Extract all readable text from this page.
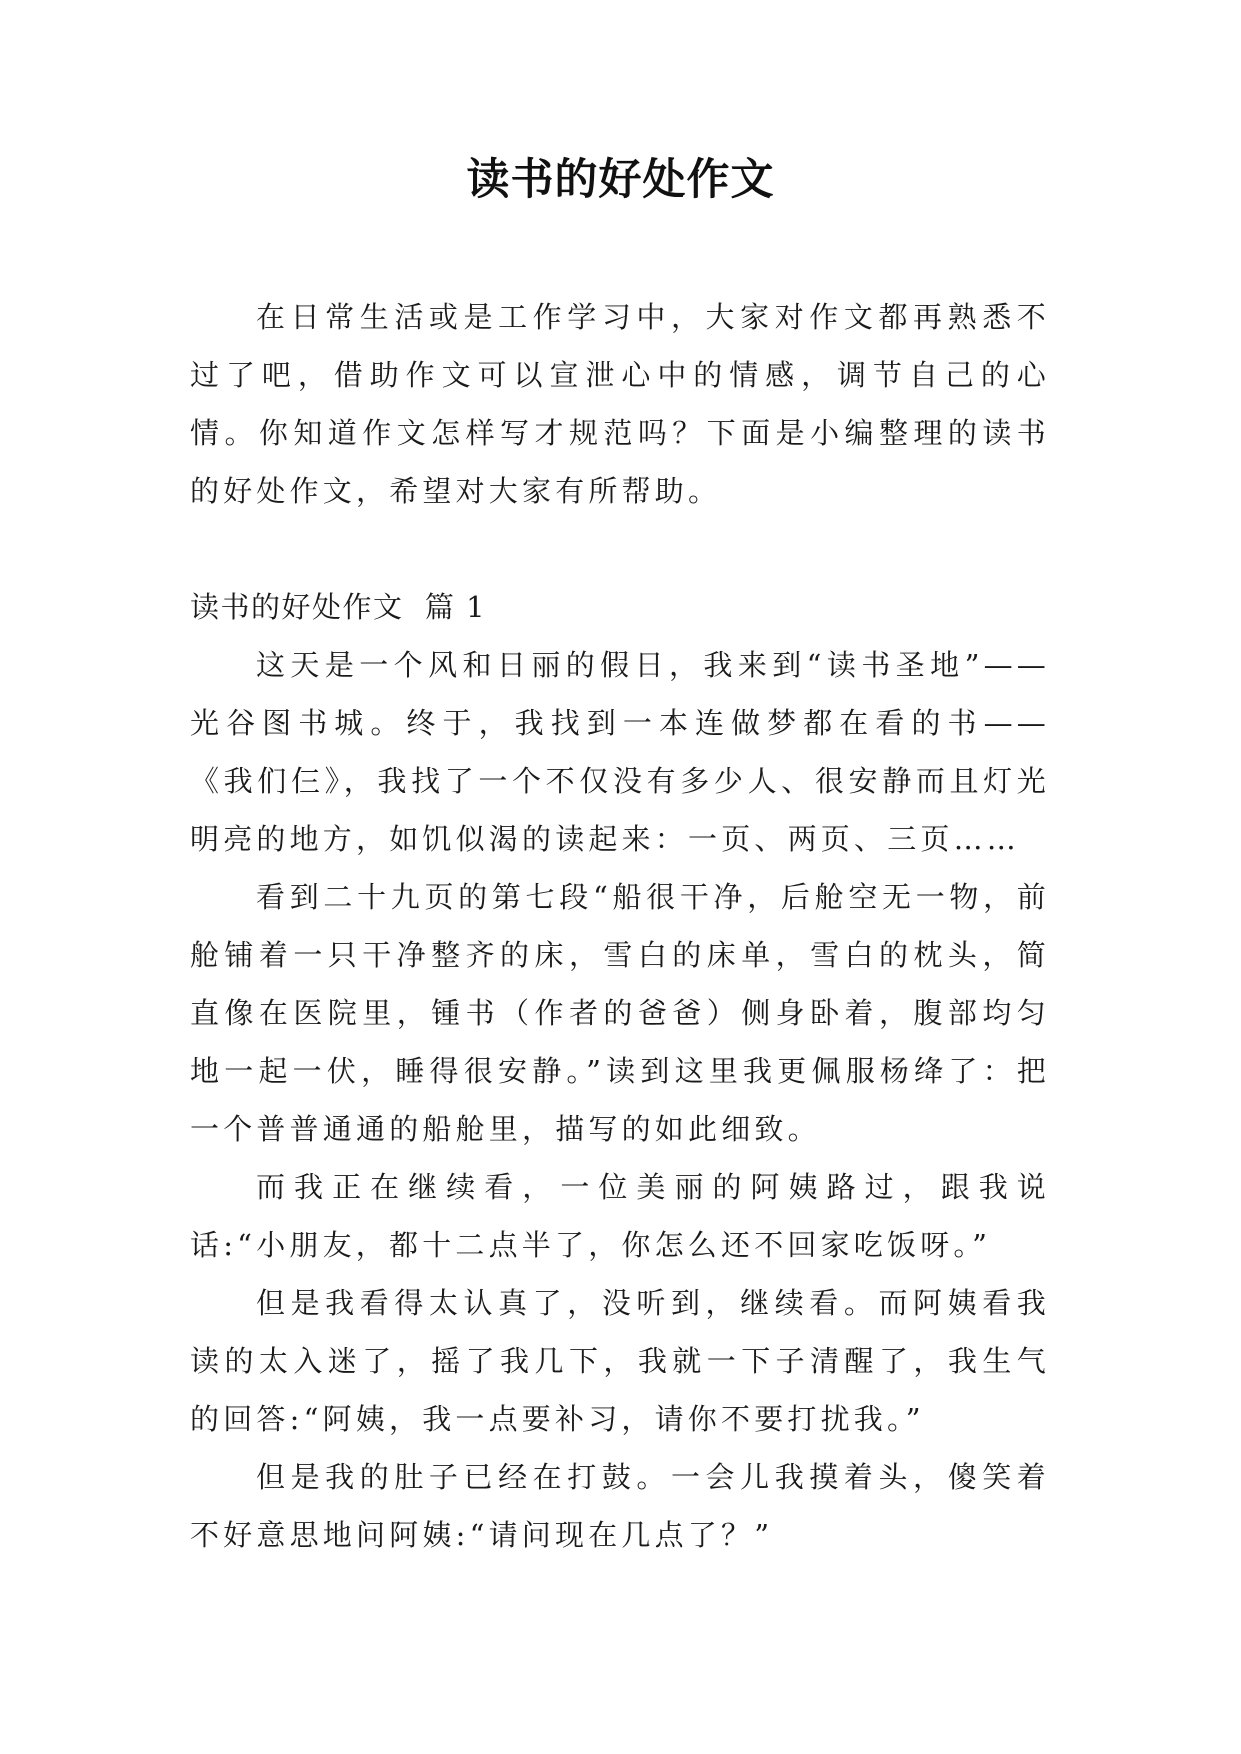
读书的好处作文

在日常生活或是工作学习中，大家对作文都再熟悉不过了吧，借助作文可以宣泄心中的情感，调节自己的心情。你知道作文怎样写才规范吗？下面是小编整理的读书的好处作文，希望对大家有所帮助。

读书的好处作文  篇 1

这天是一个风和日丽的假日，我来到“读书圣地”——光谷图书城。终于，我找到一本连做梦都在看的书——《我们仨》，我找了一个不仅没有多少人、很安静而且灯光明亮的地方，如饥似渴的读起来：一页、两页、三页……

看到二十九页的第七段“船很干净，后舱空无一物，前舱铺着一只干净整齐的床，雪白的床单，雪白的枕头，简直像在医院里，锺书（作者的爸爸）侧身卧着，腹部均匀地一起一伏，睡得很安静。”读到这里我更佩服杨绛了：把一个普普通通的船舱里，描写的如此细致。

而我正在继续看，一位美丽的阿姨路过，跟我说话:“小朋友，都十二点半了，你怎么还不回家吃饭呀。”

但是我看得太认真了，没听到，继续看。而阿姨看我读的太入迷了，摇了我几下，我就一下子清醒了，我生气的回答:“阿姨，我一点要补习，请你不要打扰我。”

但是我的肚子已经在打鼓。一会儿我摸着头，傻笑着不好意思地问阿姨:“请问现在几点了？”
